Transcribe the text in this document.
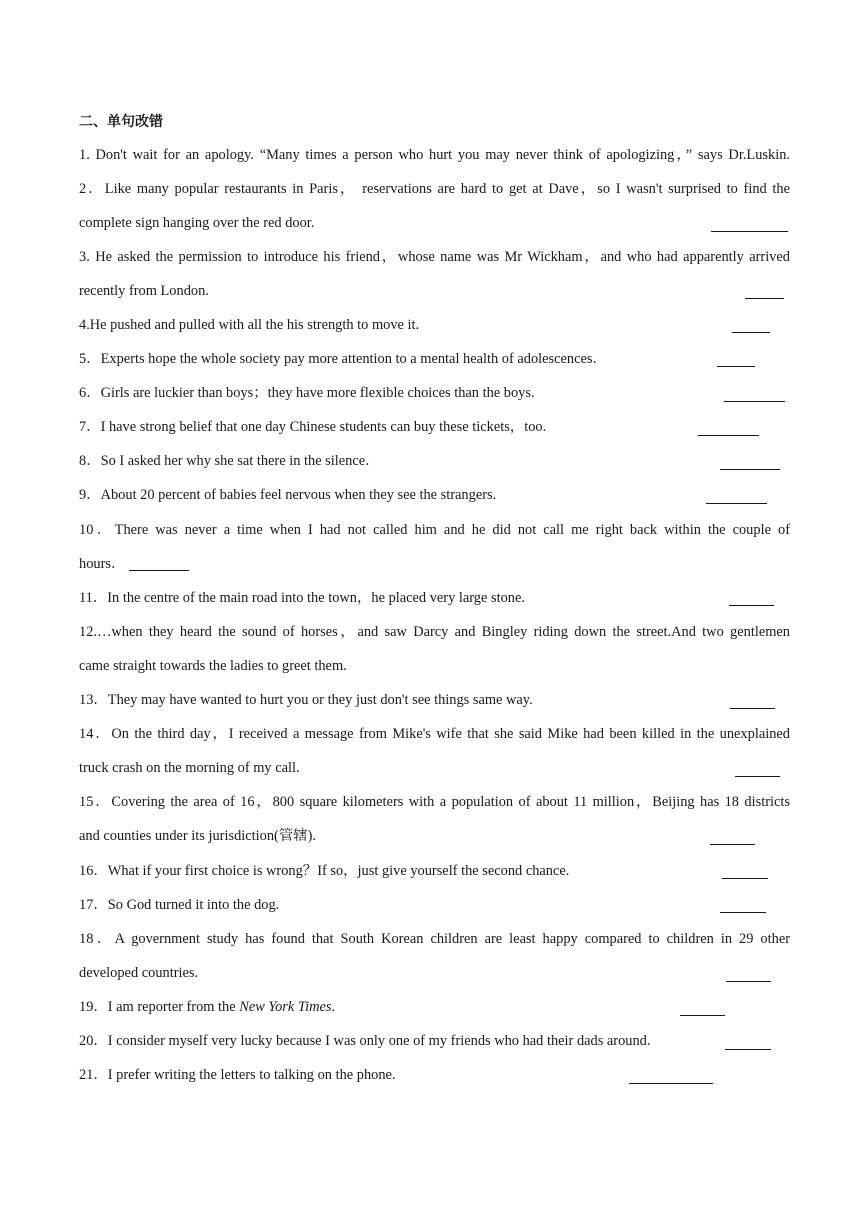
二、单句改错
1. Don't wait for an apology. “Many times a person who hurt you may never think of apologizing，” says Dr.Luskin.
2．Like many popular restaurants in Paris， reservations are hard to get at Dave，so I wasn't surprised to find the
complete sign hanging over the red door.
3. He asked the permission to introduce his friend，whose name was Mr Wickham，and who had apparently arrived
recently from London.
4.He pushed and pulled with all the his strength to move it.
5．Experts hope the whole society pay more attention to a mental health of adolescences．
6．Girls are luckier than boys；they have more flexible choices than the boys.
7．I have strong belief that one day Chinese students can buy these tickets，too.
8．So I asked her why she sat there in the silence．
9．About 20 percent of babies feel nervous when they see the strangers.
10．There was never a time when I had not called him and he did not call me right back within the couple of
hours．
11．In the centre of the main road into the town，he placed very large stone.
12.…when they heard the sound of horses，and saw Darcy and Bingley riding down the street.And two gentlemen
came straight towards the ladies to greet them.
13．They may have wanted to hurt you or they just don't see things same way.
14．On the third day，I received a message from Mike's wife that she said Mike had been killed in the unexplained
truck crash on the morning of my call.
15．Covering the area of 16，800 square kilometers with a population of about 11 million，Beijing has 18 districts
and counties under its jurisdiction(管辖).
16．What if your first choice is wrong？If so，just give yourself the second chance.
17．So God turned it into the dog.
18．A government study has found that South Korean children are least happy compared to children in 29 other
developed countries.
19．I am reporter from the New York Times.
20．I consider myself very lucky because I was only one of my friends who had their dads around.
21．I prefer writing the letters to talking on the phone.
